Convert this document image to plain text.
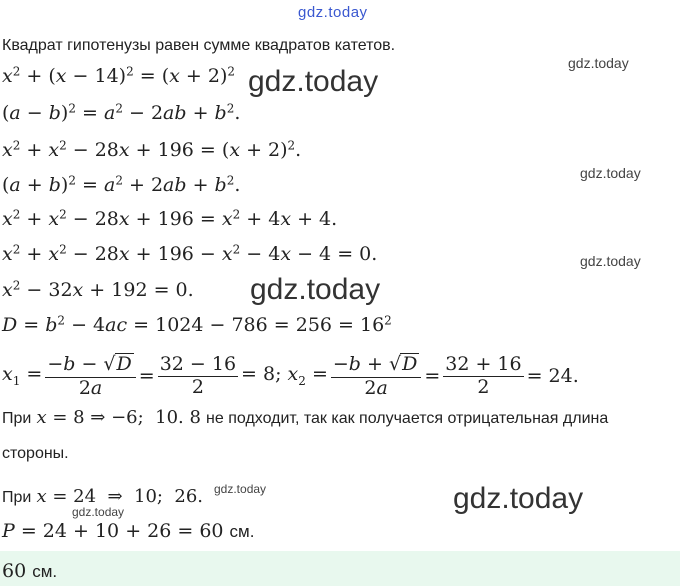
gdz.today
Квадрат гипотенузы равен сумме квадратов катетов.
gdz.today
gdz.today
gdz.today
gdz.today
gdz.today
gdz.today
gdz.today
gdz.today
$x^2 + (x - 14)^2 = (x + 2)^2$
$(a - b)^2 = a^2 - 2ab + b^2$.
$x^2 + x^2 - 28x + 196 = (x + 2)^2$.
$(a + b)^2 = a^2 + 2ab + b^2$.
$x^2 + x^2 - 28x + 196 = x^2 + 4x + 4$.
$x^2 + x^2 - 28x + 196 - x^2 - 4x - 4 = 0$.
$x^2 - 32x + 192 = 0$.
$D = b^2 - 4ac = 1024 - 786 = 256 = 16^2$
$x_1 = \frac{-b - √D}{2a} = \frac{32 - 16}{2} = 8$; $x_2 = \frac{-b + √D}{2a} = \frac{32 + 16}{2} = 24$.
При x = 8 ⇒ −6;  10. 8 не подходит, так как получается отрицательная длина
стороны.
При x = 24  ⇒  10;  26.
P = 24 + 10 + 26 = 60 см.
60 см.
